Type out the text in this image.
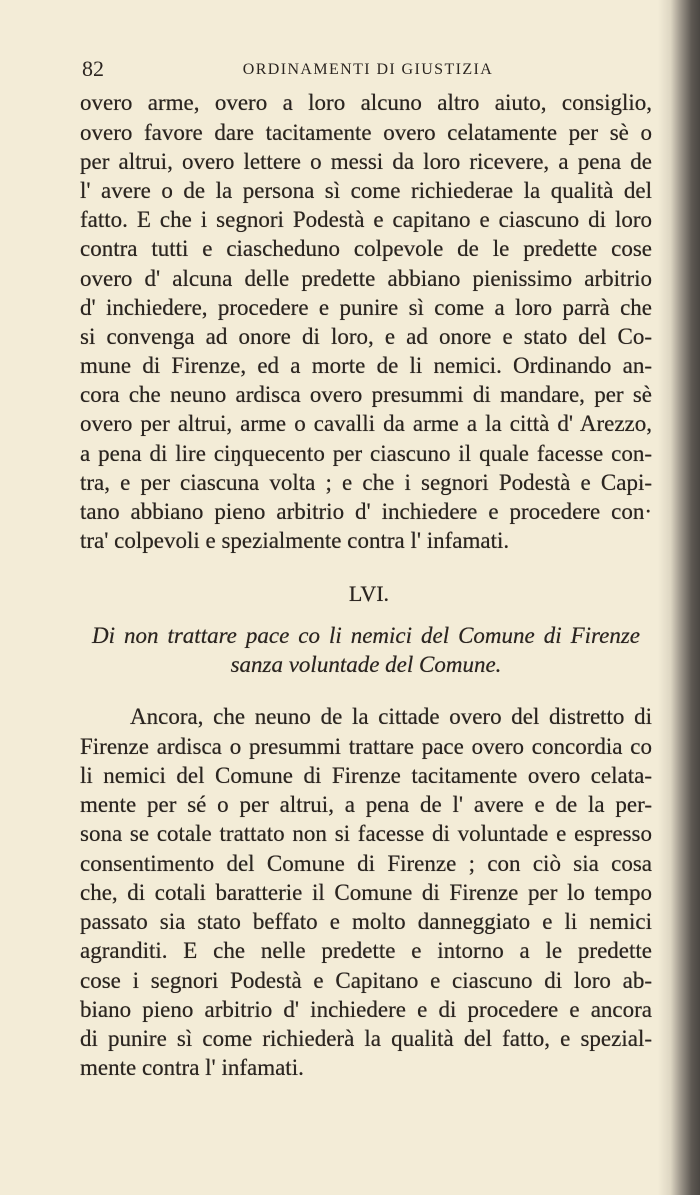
82	ORDINAMENTI DI GIUSTIZIA
overo arme, overo a loro alcuno altro aiuto, consiglio,
overo favore dare tacitamente overo celatamente per sè o
per altrui, overo lettere o messi da loro ricevere, a pena de
l' avere o de la persona sì come richiederae la qualità del
fatto. E che i segnori Podestà e capitano e ciascuno di loro
contra tutti e ciascheduno colpevole de le predette cose
overo d' alcuna delle predette abbiano pienissimo arbitrio
d' inchiedere, procedere e punire sì come a loro parrà che
si convenga ad onore di loro, e ad onore e stato del Co-
mune di Firenze, ed a morte de li nemici. Ordinando an-
cora che neuno ardisca overo presummi di mandare, per sè
overo per altrui, arme o cavalli da arme a la città d' Arezzo,
a pena di lire ciŋquecento per ciascuno il quale facesse con-
tra, e per ciascuna volta ; e che i segnori Podestà e Capi-
tano abbiano pieno arbitrio d' inchiedere e procedere con·
tra' colpevoli e spezialmente contra l' infamati.
LVI.
Di non trattare pace co li nemici del Comune di Firenze
sanza voluntade del Comune.
Ancora, che neuno de la cittade overo del distretto di
Firenze ardisca o presummi trattare pace overo concordia co
li nemici del Comune di Firenze tacitamente overo celata-
mente per sé o per altrui, a pena de l' avere e de la per-
sona se cotale trattato non si facesse di voluntade e espresso
consentimento del Comune di Firenze ; con ciò sia cosa
che, di cotali baratterie il Comune di Firenze per lo tempo
passato sia stato beffato e molto danneggiato e li nemici
agranditi. E che nelle predette e intorno a le predette
cose i segnori Podestà e Capitano e ciascuno di loro ab-
biano pieno arbitrio d' inchiedere e di procedere e ancora
di punire sì come richiederà la qualità del fatto, e spezial-
mente contra l' infamati.
